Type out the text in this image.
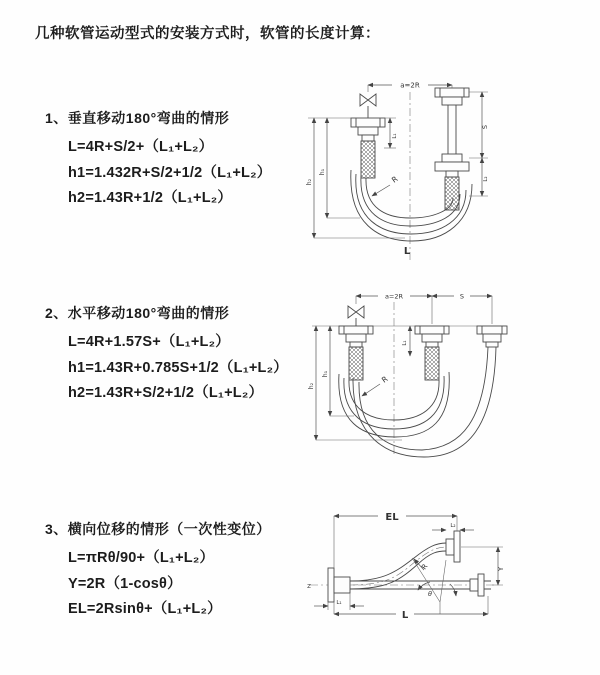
几种软管运动型式的安装方式时，软管的长度计算：
1、垂直移动180°弯曲的情形
L=4R+S/2+（L₁+L₂）
h1=1.432R+S/2+1/2（L₁+L₂）
h2=1.43R+1/2（L₁+L₂）
a=2R
h₂
h₁
L₁
S
L₂
R
L
2、水平移动180°弯曲的情形
L=4R+1.57S+（L₁+L₂）
h1=1.43R+0.785S+1/2（L₁+L₂）
h2=1.43R+S/2+1/2（L₁+L₂）
a=2R	S
h₂
h₁
L₁
R
3、横向位移的情形（一次性变位）
L=πRθ/90+（L₁+L₂）
Y=2R（1-cosθ）
EL=2Rsinθ+（L₁+L₂）
Z
EL
L₂
Y
θ
R
L
L₁
